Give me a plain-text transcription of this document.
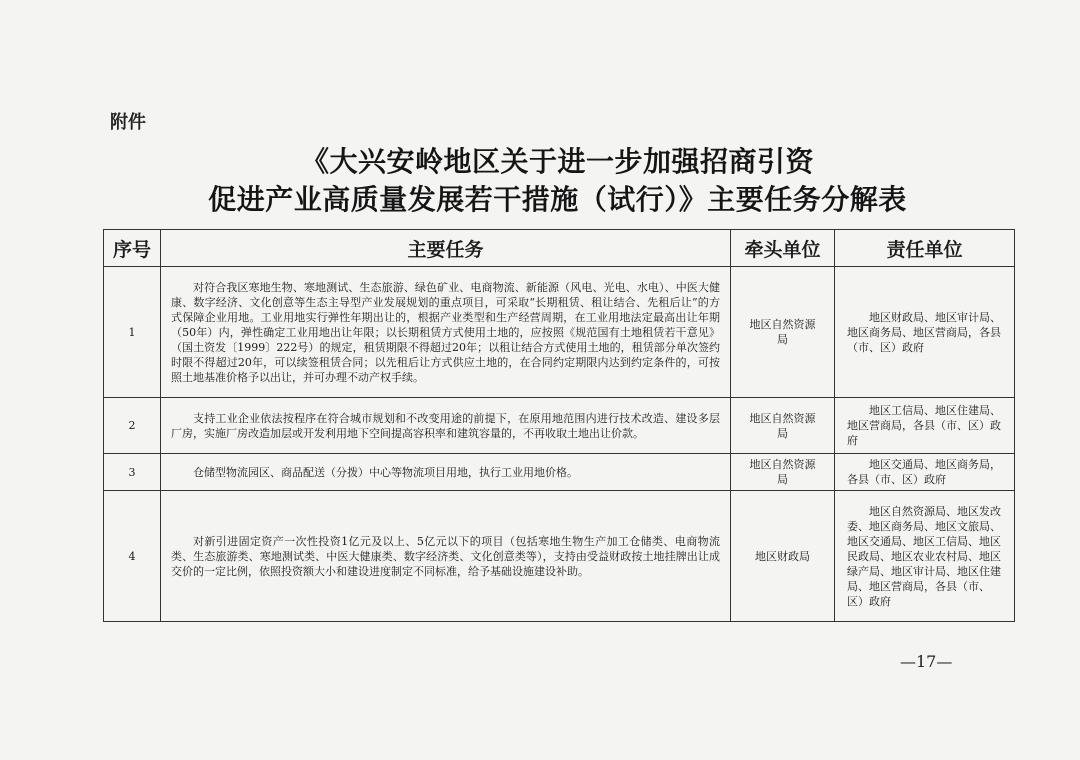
附件
《大兴安岭地区关于进一步加强招商引资
促进产业高质量发展若干措施（试行）》主要任务分解表
序号	主要任务	牵头单位	责任单位
1	对符合我区寒地生物、寒地测试、生态旅游、绿色矿业、电商物流、新能源（风电、光电、水电）、中医大健康、数字经济、文化创意等生态主导型产业发展规划的重点项目，可采取“长期租赁、租让结合、先租后让”的方式保障企业用地。工业用地实行弹性年期出让的，根据产业类型和生产经营周期，在工业用地法定最高出让年期（50年）内，弹性确定工业用地出让年限；以长期租赁方式使用土地的，应按照《规范国有土地租赁若干意见》（国土资发〔1999〕222号）的规定，租赁期限不得超过20年；以租让结合方式使用土地的，租赁部分单次签约时限不得超过20年，可以续签租赁合同；以先租后让方式供应土地的，在合同约定期限内达到约定条件的，可按照土地基准价格予以出让，并可办理不动产权手续。	地区自然资源局	地区财政局、地区审计局、地区商务局、地区营商局，各县（市、区）政府
2	支持工业企业依法按程序在符合城市规划和不改变用途的前提下，在原用地范围内进行技术改造、建设多层厂房，实施厂房改造加层或开发利用地下空间提高容积率和建筑容量的，不再收取土地出让价款。	地区自然资源局	地区工信局、地区住建局、地区营商局，各县（市、区）政府
3	仓储型物流园区、商品配送（分拨）中心等物流项目用地，执行工业用地价格。	地区自然资源局	地区交通局、地区商务局，各县（市、区）政府
4	对新引进固定资产一次性投资1亿元及以上、5亿元以下的项目（包括寒地生物生产加工仓储类、电商物流类、生态旅游类、寒地测试类、中医大健康类、数字经济类、文化创意类等），支持由受益财政按土地挂牌出让成交价的一定比例，依照投资额大小和建设进度制定不同标准，给予基础设施建设补助。	地区财政局	地区自然资源局、地区发改委、地区商务局、地区文旅局、地区交通局、地区工信局、地区民政局、地区农业农村局、地区绿产局、地区审计局、地区住建局、地区营商局，各县（市、区）政府
—17—
